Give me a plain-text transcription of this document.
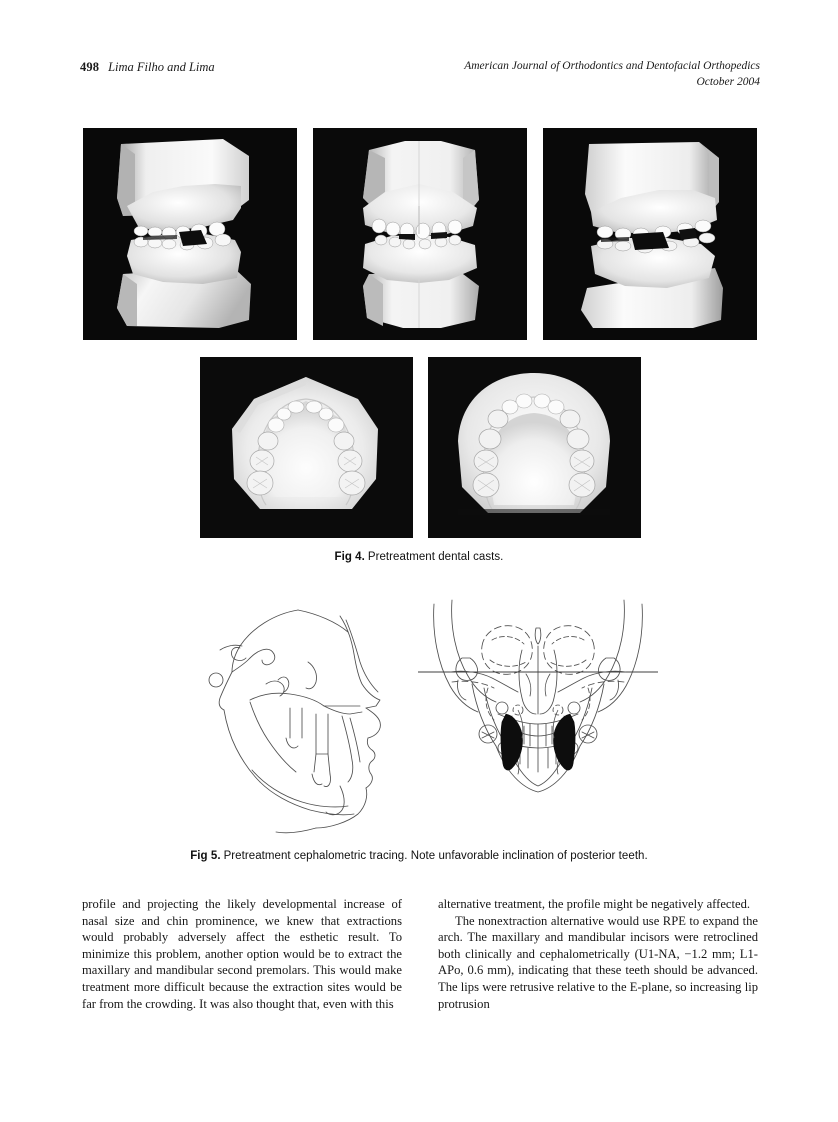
498 Lima Filho and Lima	American Journal of Orthodontics and Dentofacial Orthopedics
October 2004
Fig 4. Pretreatment dental casts.
Fig 5. Pretreatment cephalometric tracing. Note unfavorable inclination of posterior teeth.

profile and projecting the likely developmental increase of nasal size and chin prominence, we knew that extractions would probably adversely affect the esthetic result. To minimize this problem, another option would be to extract the maxillary and mandibular second premolars. This would make treatment more difficult because the extraction sites would be far from the crowding. It was also thought that, even with this

alternative treatment, the profile might be negatively affected.

The nonextraction alternative would use RPE to expand the arch. The maxillary and mandibular incisors were retroclined both clinically and cephalometrically (U1-NA, −1.2 mm; L1-APo, 0.6 mm), indicating that these teeth should be advanced. The lips were retrusive relative to the E-plane, so increasing lip protrusion
